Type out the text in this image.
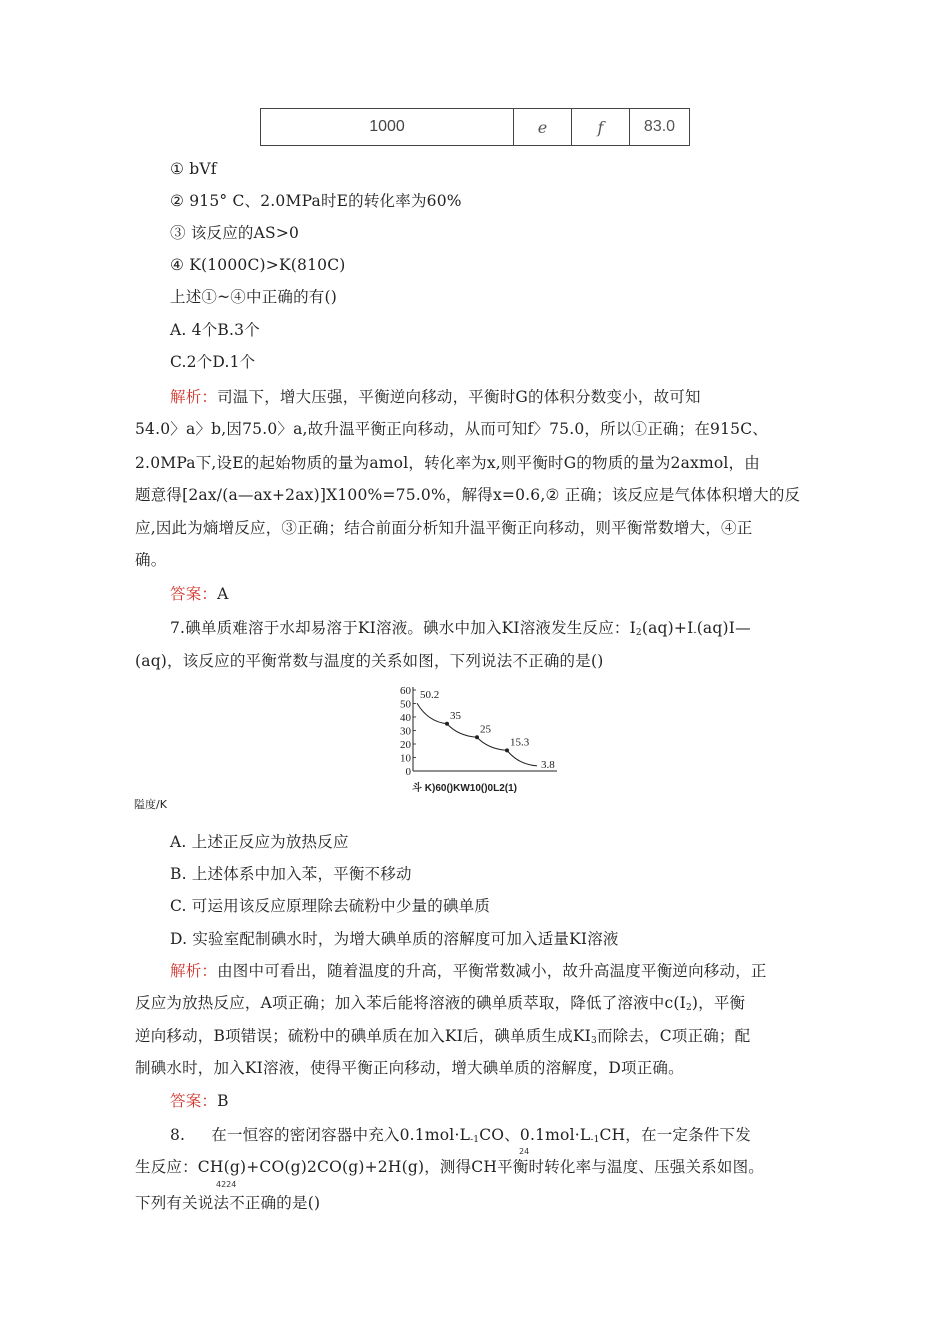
1000	e	f	83.0
① bVf
② 915° C、2.0MPa时E的转化率为60%
③ 该反应的AS>0
④ K(1000C)>K(810C)
上述①~④中正确的有()
A. 4个B.3个
C.2个D.1个
解析：司温下，增大压强，平衡逆向移动，平衡时G的体积分数变小，故可知
54.0〉a〉b,因75.0〉a,故升温平衡正向移动，从而可知f〉75.0，所以①正确；在915C、
2.0MPa下,设E的起始物质的量为amol，转化率为x,则平衡时G的物质的量为2axmol，由
题意得[2ax/(a—ax+2ax)]X100%=75.0%，解得x=0.6,② 正确；该反应是气体体积增大的反
应,因此为熵增反应，③正确；结合前面分析知升温平衡正向移动，则平衡常数增大，④正
确。
答案：A
7.碘单质难溶于水却易溶于KI溶液。碘水中加入KI溶液发生反应：$I_2(aq)+I_-(aq)I—$
(aq)，该反应的平衡常数与温度的关系如图，下列说法不正确的是()
60
50
40
30
20
10
0
50.2
35
25
15.3
3.8
斗 K)60()KW10()0L2(1)
隘度/K
A. 上述正反应为放热反应
B. 上述体系中加入苯，平衡不移动
C. 可运用该反应原理除去硫粉中少量的碘单质
D. 实验室配制碘水时，为增大碘单质的溶解度可加入适量KI溶液
解析：由图中可看出，随着温度的升高，平衡常数减小，故升高温度平衡逆向移动，正
反应为放热反应，A项正确；加入苯后能将溶液的碘单质萃取，降低了溶液中$c(I_2)$，平衡
逆向移动，B项错误；硫粉中的碘单质在加入KI后，碘单质生成$KI_3$而除去，C项正确；配
制碘水时，加入KI溶液，使得平衡正向移动，增大碘单质的溶解度，D项正确。
答案：B
8. 在一恒容的密闭容器中充入$0.1mol\cdot L_{-1}CO$、$0.1mol\cdot L_{-1}CH$，在一定条件下发
24
生反应：CH(g)+CO(g)2CO(g)+2H(g)，测得CH平衡时转化率与温度、压强关系如图。
4224
下列有关说法不正确的是()
